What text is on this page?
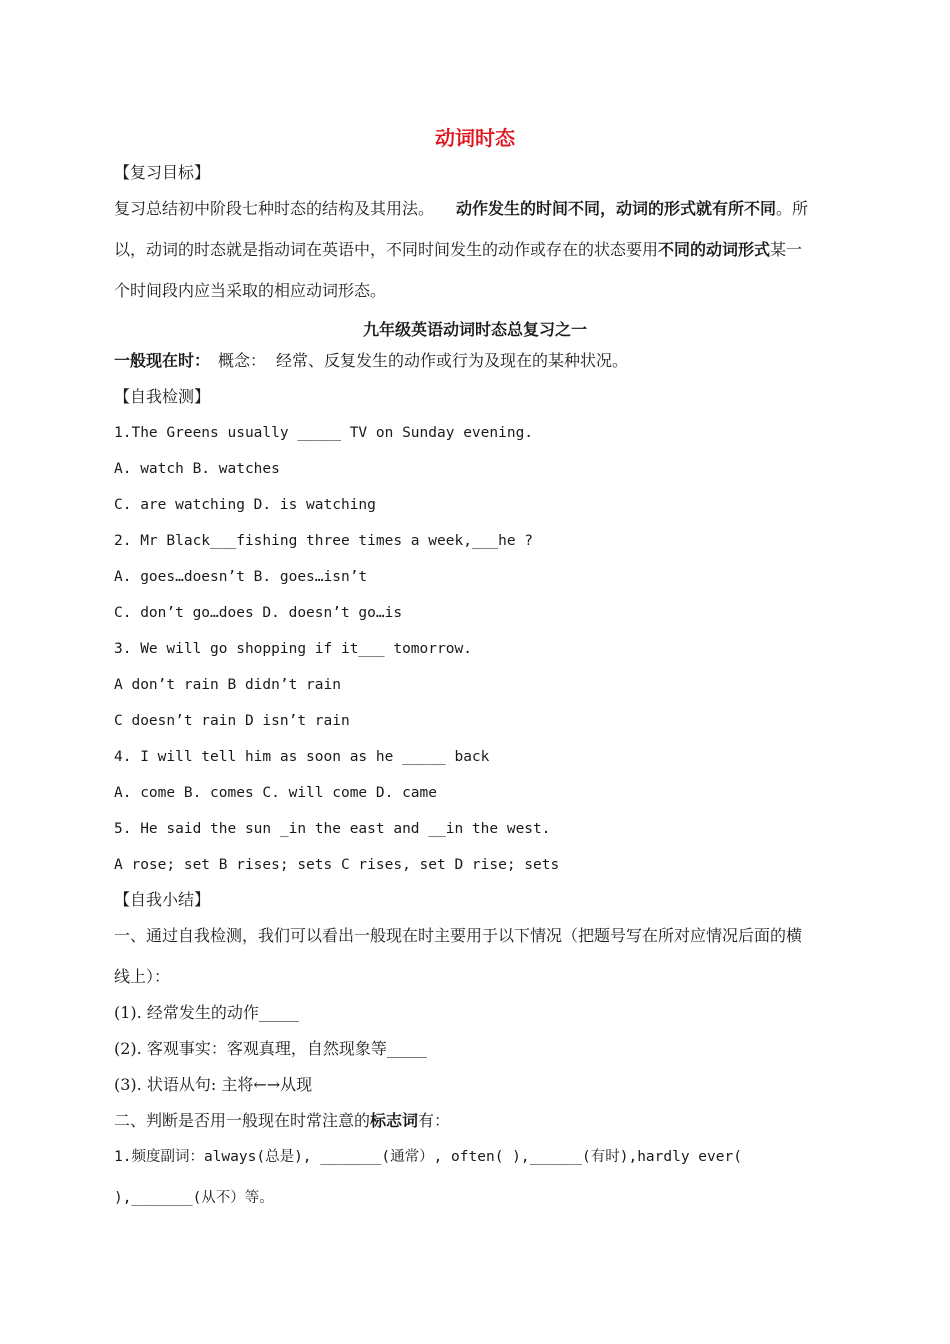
动词时态
【复习目标】
复习总结初中阶段七种时态的结构及其用法。 动作发生的时间不同，动词的形式就有所不同。所
以，动词的时态就是指动词在英语中，不同时间发生的动作或存在的状态要用不同的动词形式某一
个时间段内应当采取的相应动词形态。
九年级英语动词时态总复习之一
一般现在时： 概念： 经常、反复发生的动作或行为及现在的某种状况。
【自我检测】
1.The Greens usually _____ TV on Sunday evening.
A. watch B. watches
C. are watching D. is watching
2. Mr Black___fishing three times a week,___he ?
A. goes…doesn’t B. goes…isn’t
C. don’t go…does D. doesn’t go…is
3. We will go shopping if it___ tomorrow.
A don’t rain B didn’t rain
C doesn’t rain D isn’t rain
4. I will tell him as soon as he _____ back
A. come B. comes C. will come D. came
5. He said the sun _in the east and __in the west.
A rose; set B rises; sets C rises, set D rise; sets
【自我小结】
一、通过自我检测，我们可以看出一般现在时主要用于以下情况（把题号写在所对应情况后面的横
线上）：
(1). 经常发生的动作_____
(2). 客观事实：客观真理，自然现象等_____
(3). 状语从句: 主将←→从现
二、判断是否用一般现在时常注意的标志词有：
1.频度副词：always(总是), _______(通常）, often( ),______(有时),hardly ever(
),_______(从不）等。
